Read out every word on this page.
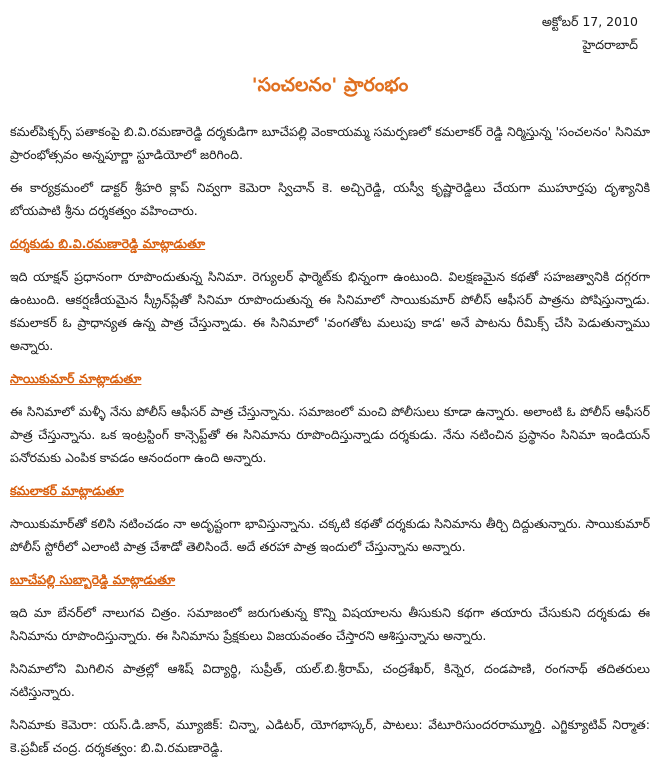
అక్టోబర్ 17, 2010
హైదరాబాద్
'సంచలనం' ప్రారంభం

కమల్‌పిక్చర్స్ పతాకంపై బి.వి.రమణారెడ్డి దర్శకుడిగా బూచేపల్లి వెంకాయమ్మ సమర్పణలో కమలాకర్ రెడ్డి నిర్మిస్తున్న 'సంచలనం' సినిమా ప్రారంభోత్సవం అన్నపూర్ణా స్టూడియోలో జరిగింది.

ఈ కార్యక్రమంలో డాక్టర్ శ్రీహరి క్లాప్ నివ్వగా కెమెరా స్విచాన్ కె. అచ్చిరెడ్డి, యస్వీ కృష్ణారెడ్డిలు చేయగా ముహూర్తపు దృశ్యానికి బోయపాటి శ్రీను దర్శకత్వం వహించారు.

దర్శకుడు బి.వి.రమణారెడ్డి మాట్లాడుతూ

ఇది యాక్షన్ ప్రధానంగా రూపొందుతున్న సినిమా. రెగ్యులర్ ఫార్మెట్‌కు భిన్నంగా ఉంటుంది. విలక్షణమైన కథతో సహజత్వానికి దగ్గరగా ఉంటుంది. ఆకర్షణీయమైన స్క్రీన్‌ప్లేతో సినిమా రూపొందుతున్న ఈ సినిమాలో సాయికుమార్ పోలీస్ ఆఫీసర్ పాత్రను పోషిస్తున్నాడు. కమలాకర్ ఓ ప్రాధాన్యత ఉన్న పాత్ర చేస్తున్నాడు. ఈ సినిమాలో 'వంగతోట మలుపు కాడ' అనే పాటను రీమిక్స్ చేసి పెడుతున్నాము అన్నారు.

సాయికుమార్ మాట్లాడుతూ

ఈ సినిమాలో మళ్ళీ నేను పోలీస్ ఆఫీసర్ పాత్ర చేస్తున్నాను. సమాజంలో మంచి పోలీసులు కూడా ఉన్నారు. అలాంటి ఓ పోలీస్ ఆఫీసర్ పాత్ర చేస్తున్నాను. ఒక ఇంట్రస్టింగ్ కాన్సెప్ట్‌తో ఈ సినిమాను రూపొందిస్తున్నాడు దర్శకుడు. నేను నటించిన ప్రస్థానం సినిమా ఇండియన్ పనోరమకు ఎంపిక కావడం ఆనందంగా ఉంది అన్నారు.

కమలాకర్ మాట్లాడుతూ

సాయికుమార్‌తో కలిసి నటించడం నా అదృష్టంగా భావిస్తున్నాను. చక్కటి కథతో దర్శకుడు సినిమాను తీర్చి దిద్దుతున్నారు. సాయికుమార్ పోలీస్ స్టోరీలో ఎలాంటి పాత్ర చేశాడో తెలిసిందే. అదే తరహా పాత్ర ఇందులో చేస్తున్నాను అన్నారు.

బూచేపల్లి సుబ్బారెడ్డి మాట్లాడుతూ

ఇది మా బేనర్‌లో నాలుగవ చిత్రం. సమాజంలో జరుగుతున్న కొన్ని విషయాలను తీసుకుని కథగా తయారు చేసుకుని దర్శకుడు ఈ సినిమాను రూపొందిస్తున్నారు. ఈ సినిమాను ప్రేక్షకులు విజయవంతం చేస్తారని ఆశిస్తున్నాను అన్నారు.

సినిమాలోని మిగిలిన పాత్రల్లో ఆశిష్ విద్యార్థి, సుప్రీత్, యల్.బి.శ్రీరామ్, చంద్రశేఖర్, కిన్నెర, దండపాణి, రంగనాథ్ తదితరులు నటిస్తున్నారు.

సినిమాకు కెమెరా: యస్.డి.జాన్, మ్యూజిక్: చిన్నా, ఎడిటర్, యోగభాస్కర్, పాటలు: వేటూరిసుందరరామ్మూర్తి. ఎగ్జిక్యూటివ్ నిర్మాత: కె.ప్రవీణ్ చంద్ర. దర్శకత్వం: బి.వి.రమణారెడ్డి.
